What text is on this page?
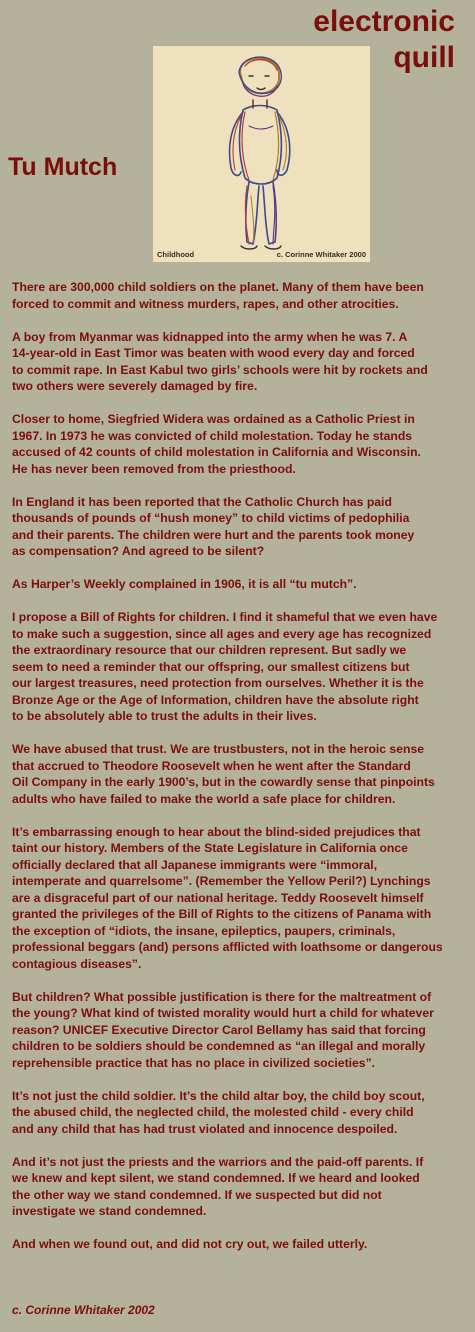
electronic
quill
Childhood	c. Corinne Whitaker 2000
Tu Mutch

There are 300,000 child soldiers on the planet. Many of them have been
forced to commit and witness murders, rapes, and other atrocities.

A boy from Myanmar was kidnapped into the army when he was 7. A
14-year-old in East Timor was beaten with wood every day and forced
to commit rape. In East Kabul two girls’ schools were hit by rockets and
two others were severely damaged by fire.

Closer to home, Siegfried Widera was ordained as a Catholic Priest in
1967. In 1973 he was convicted of child molestation. Today he stands
accused of 42 counts of child molestation in California and Wisconsin.
He has never been removed from the priesthood.

In England it has been reported that the Catholic Church has paid
thousands of pounds of “hush money” to child victims of pedophilia
and their parents. The children were hurt and the parents took money
as compensation? And agreed to be silent?

As Harper’s Weekly complained in 1906, it is all “tu mutch”.

I propose a Bill of Rights for children. I find it shameful that we even have
to make such a suggestion, since all ages and every age has recognized
the extraordinary resource that our children represent. But sadly we
seem to need a reminder that our offspring, our smallest citizens but
our largest treasures, need protection from ourselves. Whether it is the
Bronze Age or the Age of Information, children have the absolute right
to be absolutely able to trust the adults in their lives.

We have abused that trust. We are trustbusters, not in the heroic sense
that accrued to Theodore Roosevelt when he went after the Standard
Oil Company in the early 1900’s, but in the cowardly sense that pinpoints
adults who have failed to make the world a safe place for children.

It’s embarrassing enough to hear about the blind-sided prejudices that
taint our history. Members of the State Legislature in California once
officially declared that all Japanese immigrants were “immoral,
intemperate and quarrelsome”. (Remember the Yellow Peril?) Lynchings
are a disgraceful part of our national heritage. Teddy Roosevelt himself
granted the privileges of the Bill of Rights to the citizens of Panama with
the exception of “idiots, the insane, epileptics, paupers, criminals,
professional beggars (and) persons afflicted with loathsome or dangerous
contagious diseases”.

But children? What possible justification is there for the maltreatment of
the young? What kind of twisted morality would hurt a child for whatever
reason? UNICEF Executive Director Carol Bellamy has said that forcing
children to be soldiers should be condemned as “an illegal and morally
reprehensible practice that has no place in civilized societies”.

It’s not just the child soldier. It’s the child altar boy, the child boy scout,
the abused child, the neglected child, the molested child - every child
and any child that has had trust violated and innocence despoiled.

And it’s not just the priests and the warriors and the paid-off parents. If
we knew and kept silent, we stand condemned. If we heard and looked
the other way we stand condemned. If we suspected but did not
investigate we stand condemned.

And when we found out, and did not cry out, we failed utterly.

c. Corinne Whitaker 2002
